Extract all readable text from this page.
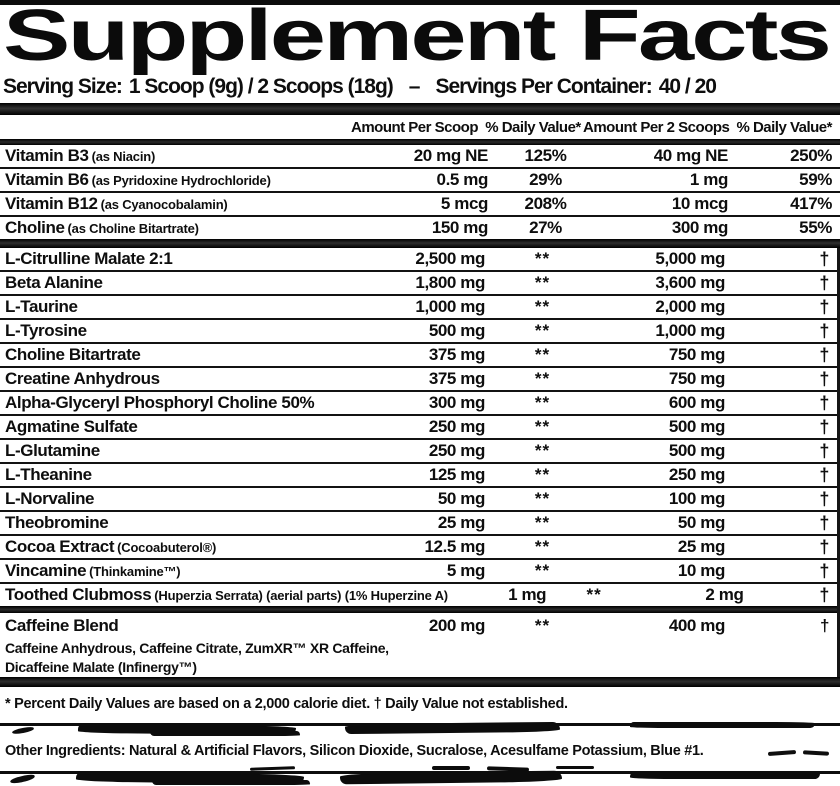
Supplement Facts
Serving Size: 1 Scoop (9g) / 2 Scoops (18g) – Servings Per Container: 40 / 20
Amount Per Scoop % Daily Value* Amount Per 2 Scoops % Daily Value*
Vitamin B3 (as Niacin)	20 mg NE	125%	40 mg NE	250%
Vitamin B6 (as Pyridoxine Hydrochloride)	0.5 mg	29%	1 mg	59%
Vitamin B12 (as Cyanocobalamin)	5 mcg	208%	10 mcg	417%
Choline (as Choline Bitartrate)	150 mg	27%	300 mg	55%
L-Citrulline Malate 2:1	2,500 mg	**	5,000 mg	†
Beta Alanine	1,800 mg	**	3,600 mg	†
L-Taurine	1,000 mg	**	2,000 mg	†
L-Tyrosine	500 mg	**	1,000 mg	†
Choline Bitartrate	375 mg	**	750 mg	†
Creatine Anhydrous	375 mg	**	750 mg	†
Alpha-Glyceryl Phosphoryl Choline 50%	300 mg	**	600 mg	†
Agmatine Sulfate	250 mg	**	500 mg	†
L-Glutamine	250 mg	**	500 mg	†
L-Theanine	125 mg	**	250 mg	†
L-Norvaline	50 mg	**	100 mg	†
Theobromine	25 mg	**	50 mg	†
Cocoa Extract (Cocoabuterol®)	12.5 mg	**	25 mg	†
Vincamine (Thinkamine™)	5 mg	**	10 mg	†
Toothed Clubmoss (Huperzia Serrata) (aerial parts) (1% Huperzine A)	1 mg	**	2 mg	†
Caffeine Blend	200 mg	**	400 mg	†
Caffeine Anhydrous, Caffeine Citrate, ZumXR™ XR Caffeine,
Dicaffeine Malate (Infinergy™)
* Percent Daily Values are based on a 2,000 calorie diet. † Daily Value not established.
Other Ingredients: Natural & Artificial Flavors, Silicon Dioxide, Sucralose, Acesulfame Potassium, Blue #1.
